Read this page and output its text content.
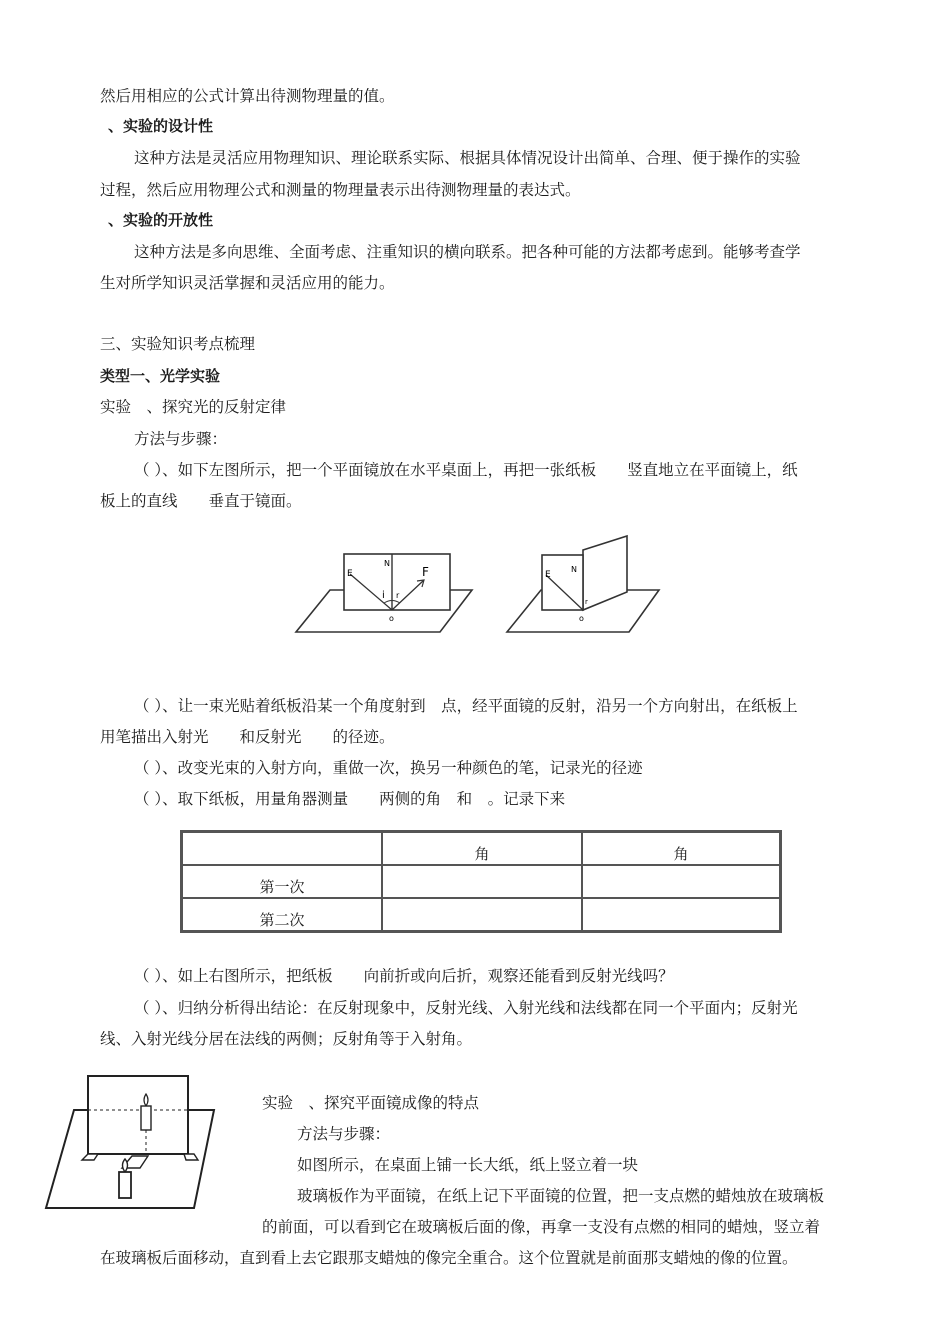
然后用相应的公式计算出待测物理量的值。
、实验的设计性
这种方法是灵活应用物理知识、理论联系实际、根据具体情况设计出简单、合理、便于操作的实验
过程，然后应用物理公式和测量的物理量表示出待测物理量的表达式。
、实验的开放性
这种方法是多向思维、全面考虑、注重知识的横向联系。把各种可能的方法都考虑到。能够考查学
生对所学知识灵活掌握和灵活应用的能力。
三、实验知识考点梳理
类型一、光学实验
实验　、探究光的反射定律
方法与步骤：
（ ）、如下左图所示，把一个平面镜放在水平桌面上，再把一张纸板　　竖直地立在平面镜上，纸
板上的直线　　垂直于镜面。
E
N
F
i r
o
E
N
r
o
（ ）、让一束光贴着纸板沿某一个角度射到　点，经平面镜的反射，沿另一个方向射出，在纸板上
用笔描出入射光　　和反射光　　的径迹。
（ ）、改变光束的入射方向，重做一次，换另一种颜色的笔，记录光的径迹
（ ）、取下纸板，用量角器测量　　两侧的角　和　。记录下来
	角	角
第一次		
第二次		
（ ）、如上右图所示，把纸板　　向前折或向后折，观察还能看到反射光线吗？
（ ）、归纳分析得出结论：在反射现象中，反射光线、入射光线和法线都在同一个平面内；反射光
线、入射光线分居在法线的两侧；反射角等于入射角。
实验　、探究平面镜成像的特点
方法与步骤：
如图所示，在桌面上铺一长大纸，纸上竖立着一块
玻璃板作为平面镜，在纸上记下平面镜的位置，把一支点燃的蜡烛放在玻璃板
的前面，可以看到它在玻璃板后面的像，再拿一支没有点燃的相同的蜡烛，竖立着
在玻璃板后面移动，直到看上去它跟那支蜡烛的像完全重合。这个位置就是前面那支蜡烛的像的位置。
